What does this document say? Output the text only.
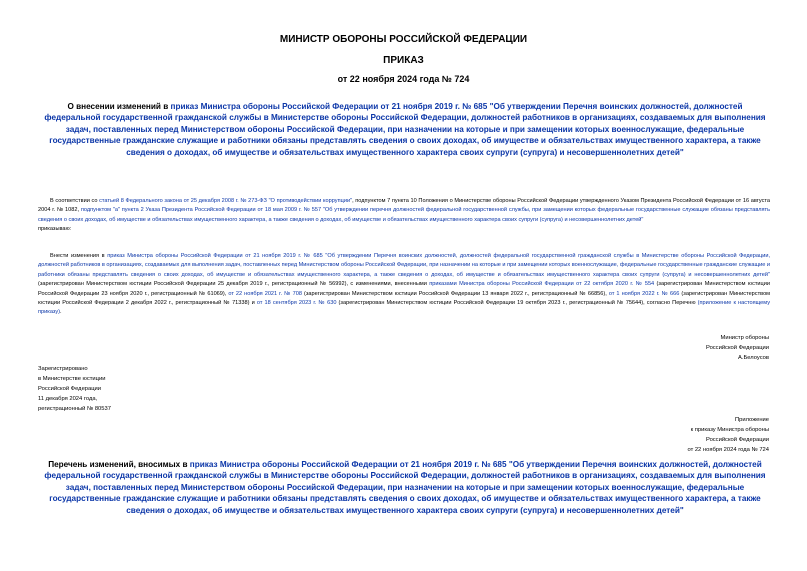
МИНИСТР ОБОРОНЫ РОССИЙСКОЙ ФЕДЕРАЦИИ
ПРИКАЗ
от 22 ноября 2024 года № 724
О внесении изменений в приказ Министра обороны Российской Федерации от 21 ноября 2019 г. № 685 "Об утверждении Перечня воинских должностей, должностей федеральной государственной гражданской службы в Министерстве обороны Российской Федерации, должностей работников в организациях, создаваемых для выполнения задач, поставленных перед Министерством обороны Российской Федерации, при назначении на которые и при замещении которых военнослужащие, федеральные государственные гражданские служащие и работники обязаны представлять сведения о своих доходах, об имуществе и обязательствах имущественного характера, а также сведения о доходах, об имуществе и обязательствах имущественного характера своих супруги (супруга) и несовершеннолетних детей"
В соответствии со статьей 8 Федерального закона от 25 декабря 2008 г. № 273-ФЗ "О противодействии коррупции", подпунктом 7 пункта 10 Положения о Министерстве обороны Российской Федерации утвержденного Указом Президента Российской Федерации от 16 августа 2004 г. № 1082, подпунктом "а" пункта 2 Указа Президента Российской Федерации от 18 мая 2009 г. № 557 "Об утверждении перечня должностей федеральной государственной службы, при замещении которых федеральные государственные служащие обязаны представлять сведения о своих доходах, об имуществе и обязательствах имущественного характера, а также сведения о доходах, об имуществе и обязательствах имущественного характера своих супруги (супруга) и несовершеннолетних детей"
приказываю:
Внести изменения в приказ Министра обороны Российской Федерации от 21 ноября 2019 г. № 685 "Об утверждении Перечня воинских должностей, должностей федеральной государственной гражданской службы в Министерстве обороны Российской Федерации, должностей работников в организациях, создаваемых для выполнения задач, поставленных перед Министерством обороны Российской Федерации, при назначении на которые и при замещении которых военнослужащие, федеральные государственные гражданские служащие и работники обязаны представлять сведения о своих доходах, об имуществе и обязательствах имущественного характера, а также сведения о доходах, об имуществе и обязательствах имущественного характера своих супруги (супруга) и несовершеннолетних детей" (зарегистрирован Министерством юстиции Российской Федерации 25 декабря 2019 г., регистрационный № 56992), с изменениями, внесенными приказами Министра обороны Российской Федерации от 22 октября 2020 г. № 554 (зарегистрирован Министерством юстиции Российской Федерации 23 ноября 2020 г., регистрационный № 61069), от 22 ноября 2021 г. № 708 (зарегистрирован Министерством юстиции Российской Федерации 13 января 2022 г., регистрационный № 66856), от 1 ноября 2022 г. № 666 (зарегистрирован Министерством юстиции Российской Федерации 2 декабря 2022 г., регистрационный № 71338) и от 18 сентября 2023 г. № 630 (зарегистрирован Министерством юстиции Российской Федерации 19 октября 2023 г., регистрационный № 75644), согласно Перечню (приложение к настоящему приказу).
Министр обороны
Российской Федерации
А.Белоусов
Зарегистрировано
в Министерстве юстиции
Российской Федерации
11 декабря 2024 года,
регистрационный № 80537
Приложение
к приказу Министра обороны
Российской Федерации
от 22 ноября 2024 года № 724
Перечень изменений, вносимых в приказ Министра обороны Российской Федерации от 21 ноября 2019 г. № 685 "Об утверждении Перечня воинских должностей, должностей федеральной государственной гражданской службы в Министерстве обороны Российской Федерации, должностей работников в организациях, создаваемых для выполнения задач, поставленных перед Министерством обороны Российской Федерации, при назначении на которые и при замещении которых военнослужащие, федеральные государственные гражданские служащие и работники обязаны представлять сведения о своих доходах, об имуществе и обязательствах имущественного характера, а также сведения о доходах, об имуществе и обязательствах имущественного характера своих супруги (супруга) и несовершеннолетних детей"
